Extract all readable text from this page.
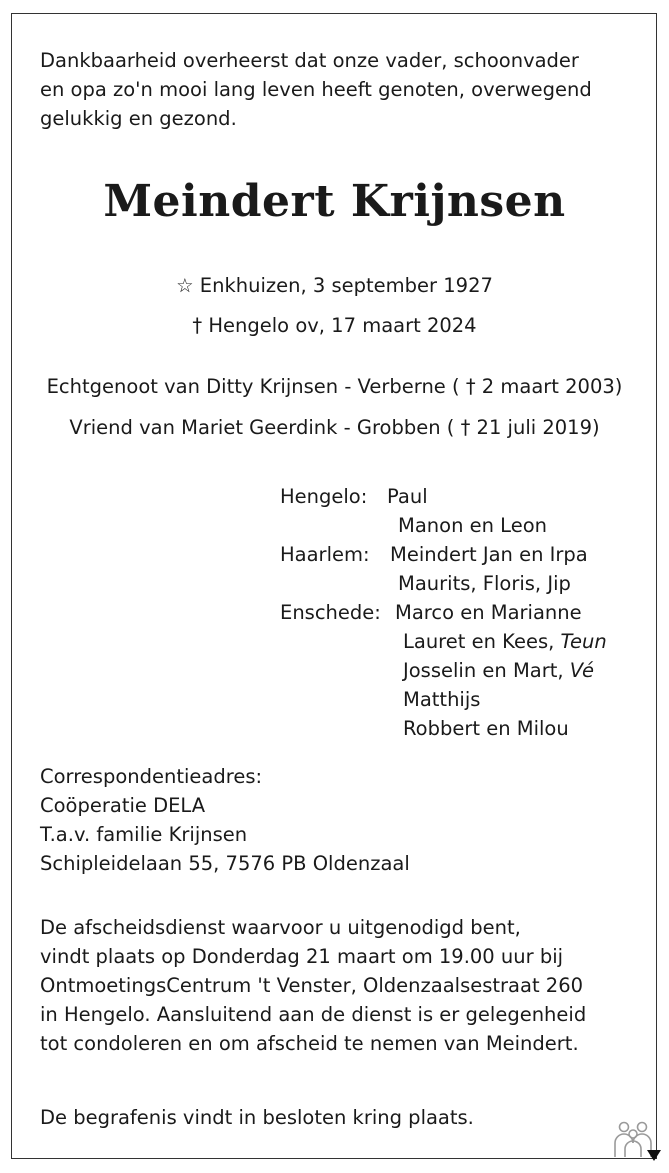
Dankbaarheid overheerst dat onze vader, schoonvader
en opa zo'n mooi lang leven heeft genoten, overwegend
gelukkig en gezond.
Meindert Krijnsen
☆ Enkhuizen, 3 september 1927
† Hengelo ov, 17 maart 2024
Echtgenoot van Ditty Krijnsen - Verberne ( † 2 maart 2003)
Vriend van Mariet Geerdink - Grobben ( † 21 juli 2019)
Hengelo: Paul
Manon en Leon
Haarlem: Meindert Jan en Irpa
Maurits, Floris, Jip
Enschede: Marco en Marianne
Lauret en Kees, Teun
Josselin en Mart, Vé
Matthijs
Robbert en Milou
Correspondentieadres:
Coöperatie DELA
T.a.v. familie Krijnsen
Schipleidelaan 55, 7576 PB Oldenzaal
De afscheidsdienst waarvoor u uitgenodigd bent,
vindt plaats op Donderdag 21 maart om 19.00 uur bij
OntmoetingsCentrum 't Venster, Oldenzaalsestraat 260
in Hengelo. Aansluitend aan de dienst is er gelegenheid
tot condoleren en om afscheid te nemen van Meindert.
De begrafenis vindt in besloten kring plaats.
